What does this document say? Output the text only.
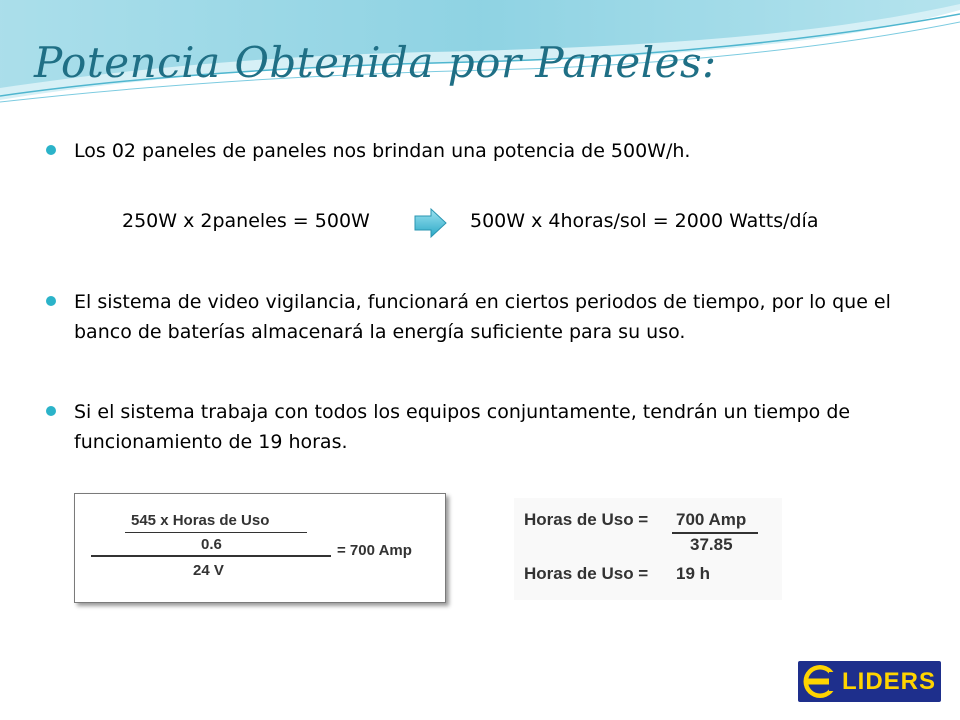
Potencia Obtenida por Paneles:
Los 02 paneles de paneles nos brindan una potencia de 500W/h.
250W x 2paneles = 500W	500W x 4horas/sol = 2000 Watts/día
El sistema de video vigilancia, funcionará en ciertos periodos de tiempo, por lo que el banco de baterías almacenará la energía suficiente para su uso.
Si el sistema trabaja con todos los equipos conjuntamente, tendrán un tiempo de funcionamiento de 19 horas.
545 x Horas de Uso
0.6	= 700 Amp
24 V
Horas de Uso = 700 Amp
37.85
Horas de Uso = 19 h
LIDERS
